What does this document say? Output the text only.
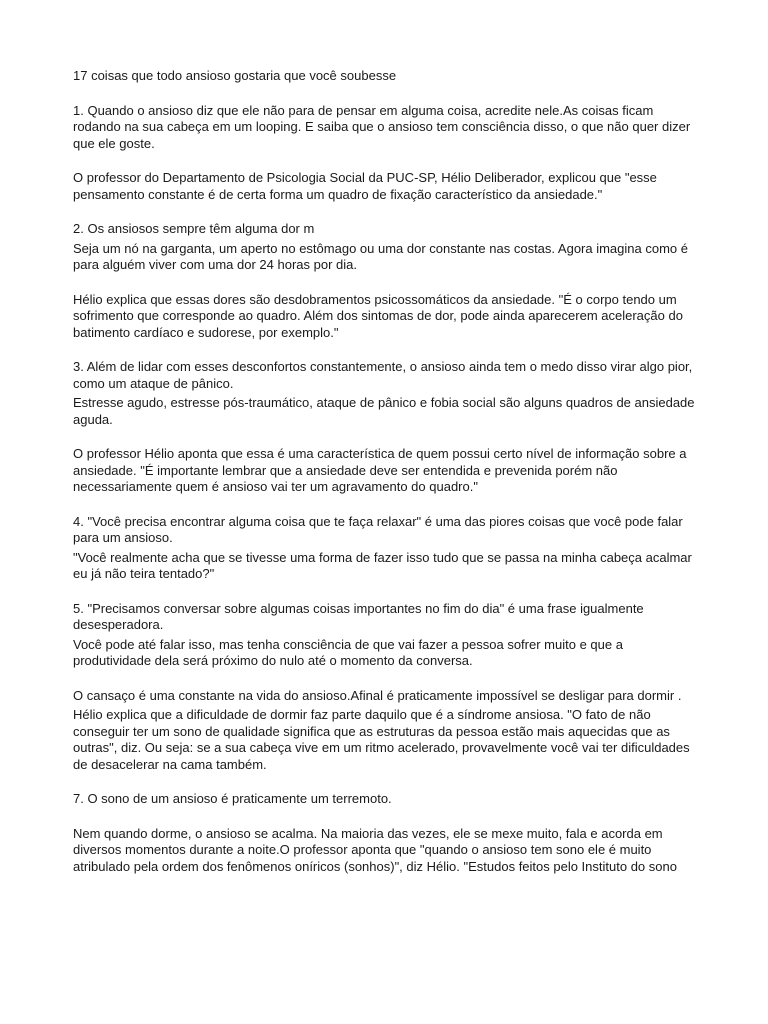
17 coisas que todo ansioso gostaria que você soubesse

1. Quando o ansioso diz que ele não para de pensar em alguma coisa, acredite nele.As coisas ficam rodando na sua cabeça em um looping. E saiba que o ansioso tem consciência disso, o que não quer dizer que ele goste.

O professor do Departamento de Psicologia Social da PUC-SP, Hélio Deliberador, explicou que "esse pensamento constante é de certa forma um quadro de fixação característico da ansiedade."

2. Os ansiosos sempre têm alguma dor m

Seja um nó na garganta, um aperto no estômago ou uma dor constante nas costas. Agora imagina como é para alguém viver com uma dor 24 horas por dia.

Hélio explica que essas dores são desdobramentos psicossomáticos da ansiedade. "É o corpo tendo um sofrimento que corresponde ao quadro. Além dos sintomas de dor, pode ainda aparecerem aceleração do batimento cardíaco e sudorese, por exemplo."

3. Além de lidar com esses desconfortos constantemente, o ansioso ainda tem o medo disso virar algo pior, como um ataque de pânico.

Estresse agudo, estresse pós-traumático, ataque de pânico e fobia social são alguns quadros de ansiedade aguda.

O professor Hélio aponta que essa é uma característica de quem possui certo nível de informação sobre a ansiedade. "É importante lembrar que a ansiedade deve ser entendida e prevenida porém não necessariamente quem é ansioso vai ter um agravamento do quadro."

4. "Você precisa encontrar alguma coisa que te faça relaxar" é uma das piores coisas que você pode falar para um ansioso.

"Você realmente acha que se tivesse uma forma de fazer isso tudo que se passa na minha cabeça acalmar eu já não teira tentado?"

5. "Precisamos conversar sobre algumas coisas importantes no fim do dia" é uma frase igualmente desesperadora.

Você pode até falar isso, mas tenha consciência de que vai fazer a pessoa sofrer muito e que a produtividade dela será próximo do nulo até o momento da conversa.

O cansaço é uma constante na vida do ansioso.Afinal é praticamente impossível se desligar para dormir .

Hélio explica que a dificuldade de dormir faz parte daquilo que é a síndrome ansiosa. "O fato de não conseguir ter um sono de qualidade significa que as estruturas da pessoa estão mais aquecidas que as outras", diz. Ou seja: se a sua cabeça vive em um ritmo acelerado, provavelmente você vai ter dificuldades de desacelerar na cama também.

7. O sono de um ansioso é praticamente um terremoto.

Nem quando dorme, o ansioso se acalma. Na maioria das vezes, ele se mexe muito, fala e acorda em diversos momentos durante a noite.O professor aponta que "quando o ansioso tem sono ele é muito atribulado pela ordem dos fenômenos oníricos (sonhos)", diz Hélio. "Estudos feitos pelo Instituto do sono
